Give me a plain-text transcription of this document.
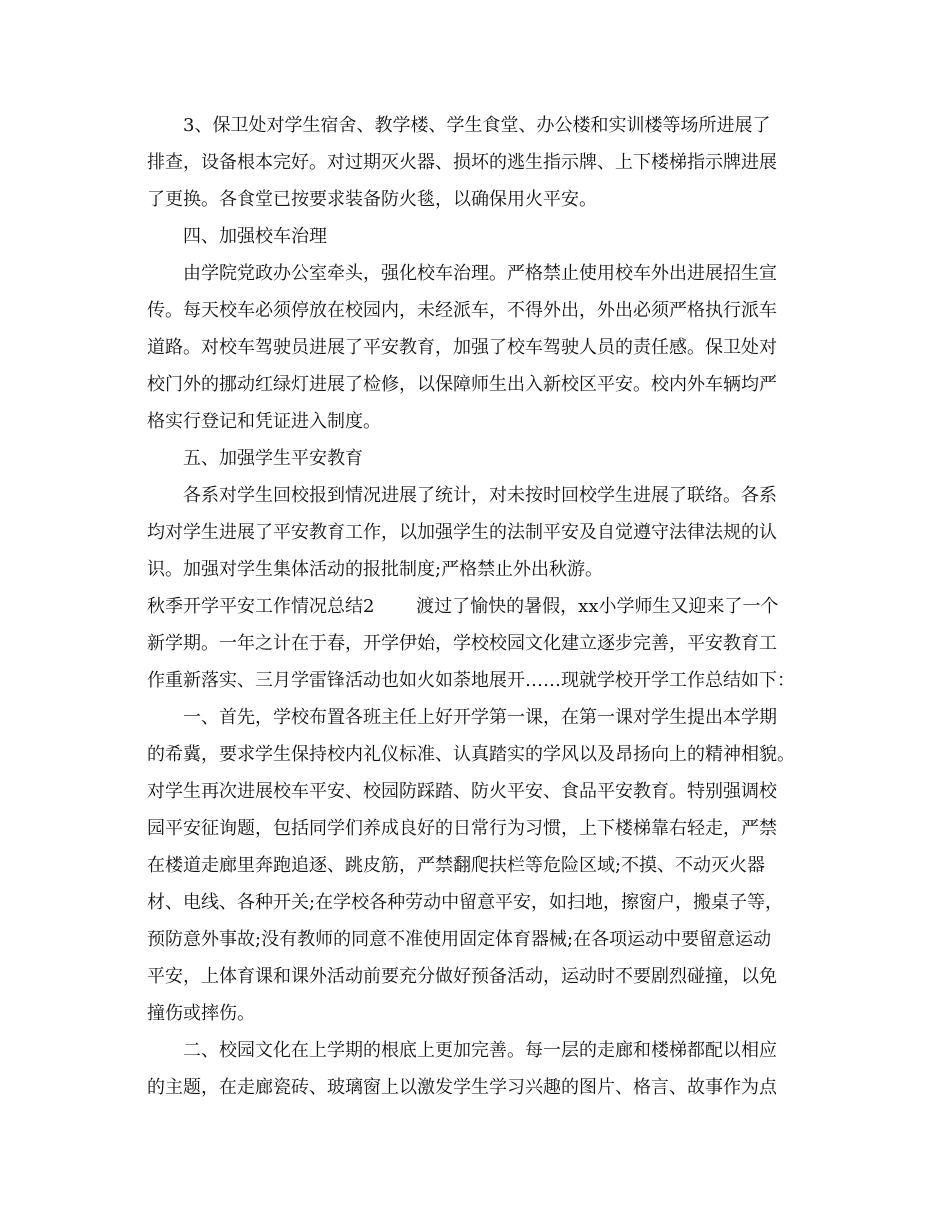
　　3、保卫处对学生宿舍、教学楼、学生食堂、办公楼和实训楼等场所进展了
排查，设备根本完好。对过期灭火器、损坏的逃生指示牌、上下楼梯指示牌进展
了更换。各食堂已按要求装备防火毯，以确保用火平安。
　　四、加强校车治理
　　由学院党政办公室牵头，强化校车治理。严格禁止使用校车外出进展招生宣
传。每天校车必须停放在校园内，未经派车，不得外出，外出必须严格执行派车
道路。对校车驾驶员进展了平安教育，加强了校车驾驶人员的责任感。保卫处对
校门外的挪动红绿灯进展了检修，以保障师生出入新校区平安。校内外车辆均严
格实行登记和凭证进入制度。
　　五、加强学生平安教育
　　各系对学生回校报到情况进展了统计，对未按时回校学生进展了联络。各系
均对学生进展了平安教育工作，以加强学生的法制平安及自觉遵守法律法规的认
识。加强对学生集体活动的报批制度;严格禁止外出秋游。
秋季开学平安工作情况总结2　　 渡过了愉快的暑假，xx小学师生又迎来了一个
新学期。一年之计在于春，开学伊始，学校校园文化建立逐步完善，平安教育工
作重新落实、三月学雷锋活动也如火如荼地展开……现就学校开学工作总结如下：
　　一、首先，学校布置各班主任上好开学第一课，在第一课对学生提出本学期
的希冀，要求学生保持校内礼仪标准、认真踏实的学风以及昂扬向上的精神相貌。
对学生再次进展校车平安、校园防踩踏、防火平安、食品平安教育。特别强调校
园平安征询题，包括同学们养成良好的日常行为习惯，上下楼梯靠右轻走，严禁
在楼道走廊里奔跑追逐、跳皮筋，严禁翻爬扶栏等危险区域;不摸、不动灭火器
材、电线、各种开关;在学校各种劳动中留意平安，如扫地，擦窗户，搬桌子等，
预防意外事故;没有教师的同意不准使用固定体育器械;在各项运动中要留意运动
平安，上体育课和课外活动前要充分做好预备活动，运动时不要剧烈碰撞，以免
撞伤或摔伤。
　　二、校园文化在上学期的根底上更加完善。每一层的走廊和楼梯都配以相应
的主题，在走廊瓷砖、玻璃窗上以激发学生学习兴趣的图片、格言、故事作为点
